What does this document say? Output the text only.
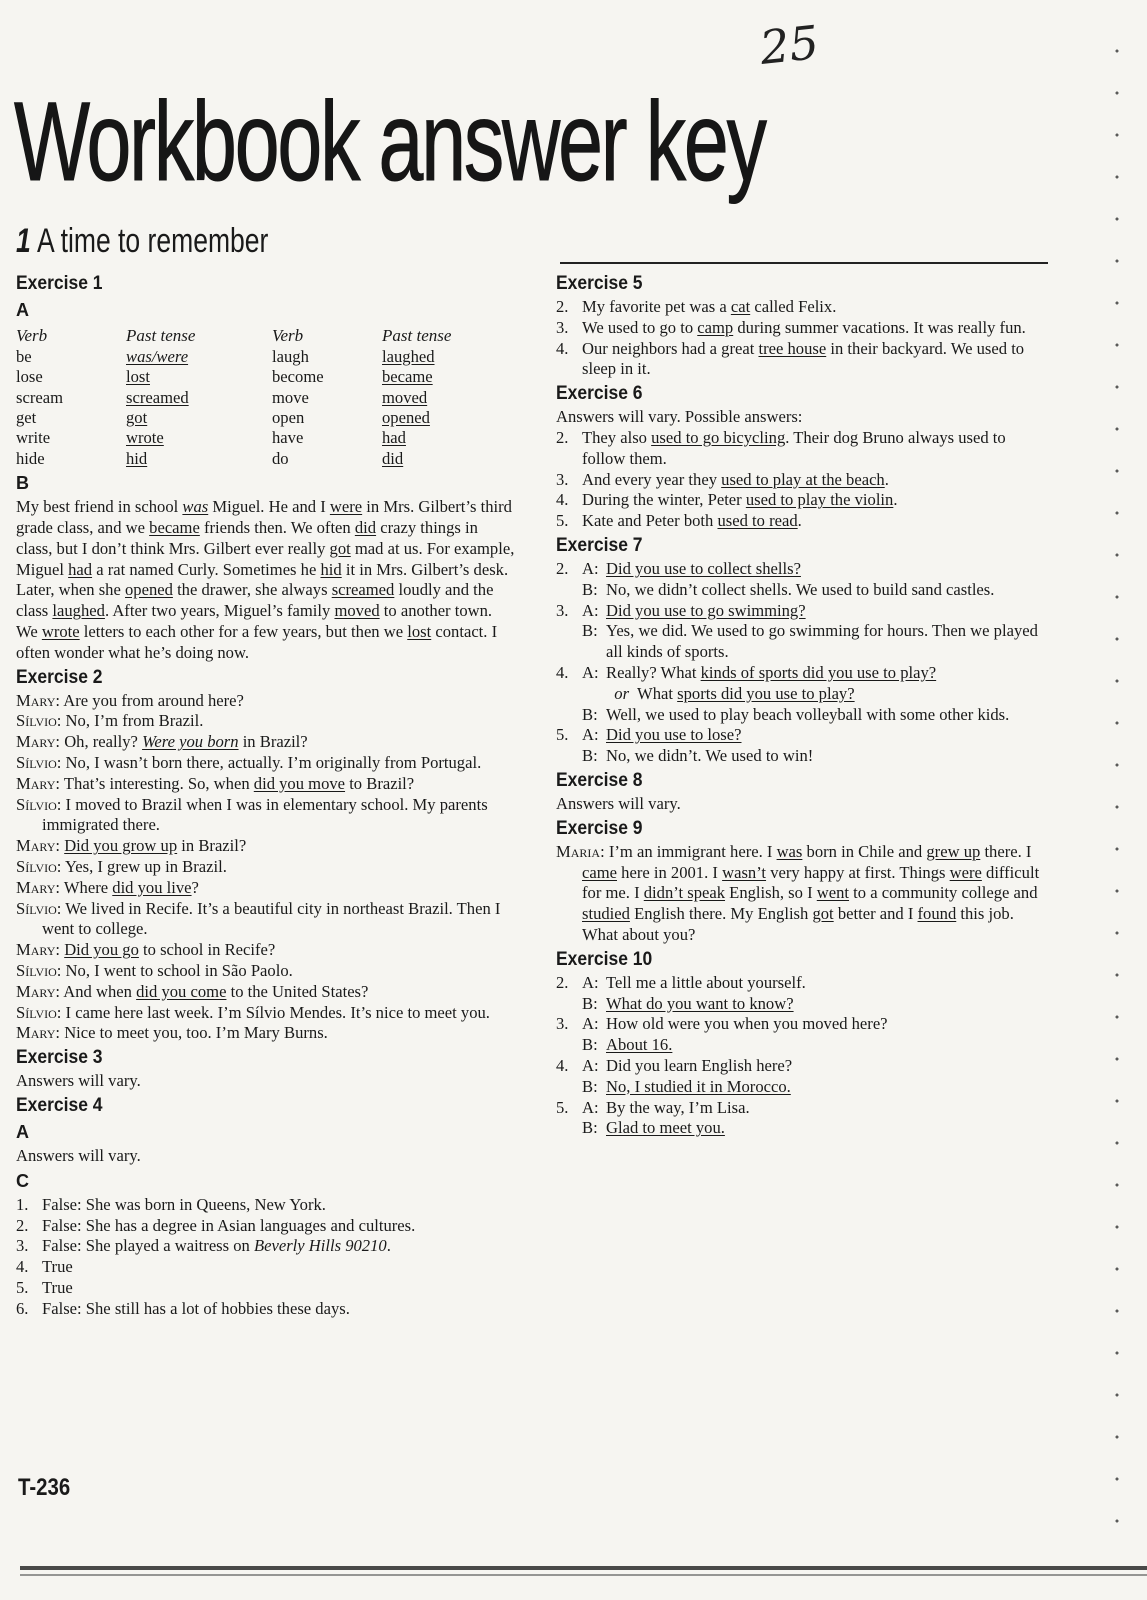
25
Workbook answer key
1 A time to remember
Exercise 1
A
Verb	Past tense	Verb	Past tense
be	was/were	laugh	laughed
lose	lost	become	became
scream	screamed	move	moved
get	got	open	opened
write	wrote	have	had
hide	hid	do	did
B

My best friend in school was Miguel. He and I were in Mrs. Gilbert’s third grade class, and we became friends then. We often did crazy things in class, but I don’t think Mrs. Gilbert ever really got mad at us. For example, Miguel had a rat named Curly. Sometimes he hid it in Mrs. Gilbert’s desk. Later, when she opened the drawer, she always screamed loudly and the class laughed. After two years, Miguel’s family moved to another town. We wrote letters to each other for a few years, but then we lost contact. I often wonder what he’s doing now.

Exercise 2

Mary: Are you from around here?

Sílvio: No, I’m from Brazil.

Mary: Oh, really? Were you born in Brazil?

Sílvio: No, I wasn’t born there, actually. I’m originally from Portugal.

Mary: That’s interesting. So, when did you move to Brazil?

Sílvio: I moved to Brazil when I was in elementary school. My parents immigrated there.

Mary: Did you grow up in Brazil?

Sílvio: Yes, I grew up in Brazil.

Mary: Where did you live?

Sílvio: We lived in Recife. It’s a beautiful city in northeast Brazil. Then I went to college.

Mary: Did you go to school in Recife?

Sílvio: No, I went to school in São Paolo.

Mary: And when did you come to the United States?

Sílvio: I came here last week. I’m Sílvio Mendes. It’s nice to meet you.

Mary: Nice to meet you, too. I’m Mary Burns.

Exercise 3

Answers will vary.

Exercise 4
A

Answers will vary.

C
1. False: She was born in Queens, New York.
2. False: She has a degree in Asian languages and cultures.
3. False: She played a waitress on Beverly Hills 90210.
4. True
5. True
6. False: She still has a lot of hobbies these days.
Exercise 5
2. My favorite pet was a cat called Felix.
3. We used to go to camp during summer vacations. It was really fun.
4. Our neighbors had a great tree house in their backyard. We used to sleep in it.
Exercise 6

Answers will vary. Possible answers:

2. They also used to go bicycling. Their dog Bruno always used to follow them.
3. And every year they used to play at the beach.
4. During the winter, Peter used to play the violin.
5. Kate and Peter both used to read.
Exercise 7
2. A: Did you use to collect shells?
B: No, we didn’t collect shells. We used to build sand castles.
3. A: Did you use to go swimming?
B: Yes, we did. We used to go swimming for hours. Then we played all kinds of sports.
4. A: Really? What kinds of sports did you use to play?
or  What sports did you use to play?
B: Well, we used to play beach volleyball with some other kids.
5. A: Did you use to lose?
B: No, we didn’t. We used to win!
Exercise 8

Answers will vary.

Exercise 9

Maria: I’m an immigrant here. I was born in Chile and grew up there. I came here in 2001. I wasn’t very happy at first. Things were difficult for me. I didn’t speak English, so I went to a community college and studied English there. My English got better and I found this job. What about you?

Exercise 10
2. A: Tell me a little about yourself.
B: What do you want to know?
3. A: How old were you when you moved here?
B: About 16.
4. A: Did you learn English here?
B: No, I studied it in Morocco.
5. A: By the way, I’m Lisa.
B: Glad to meet you.
T-236
